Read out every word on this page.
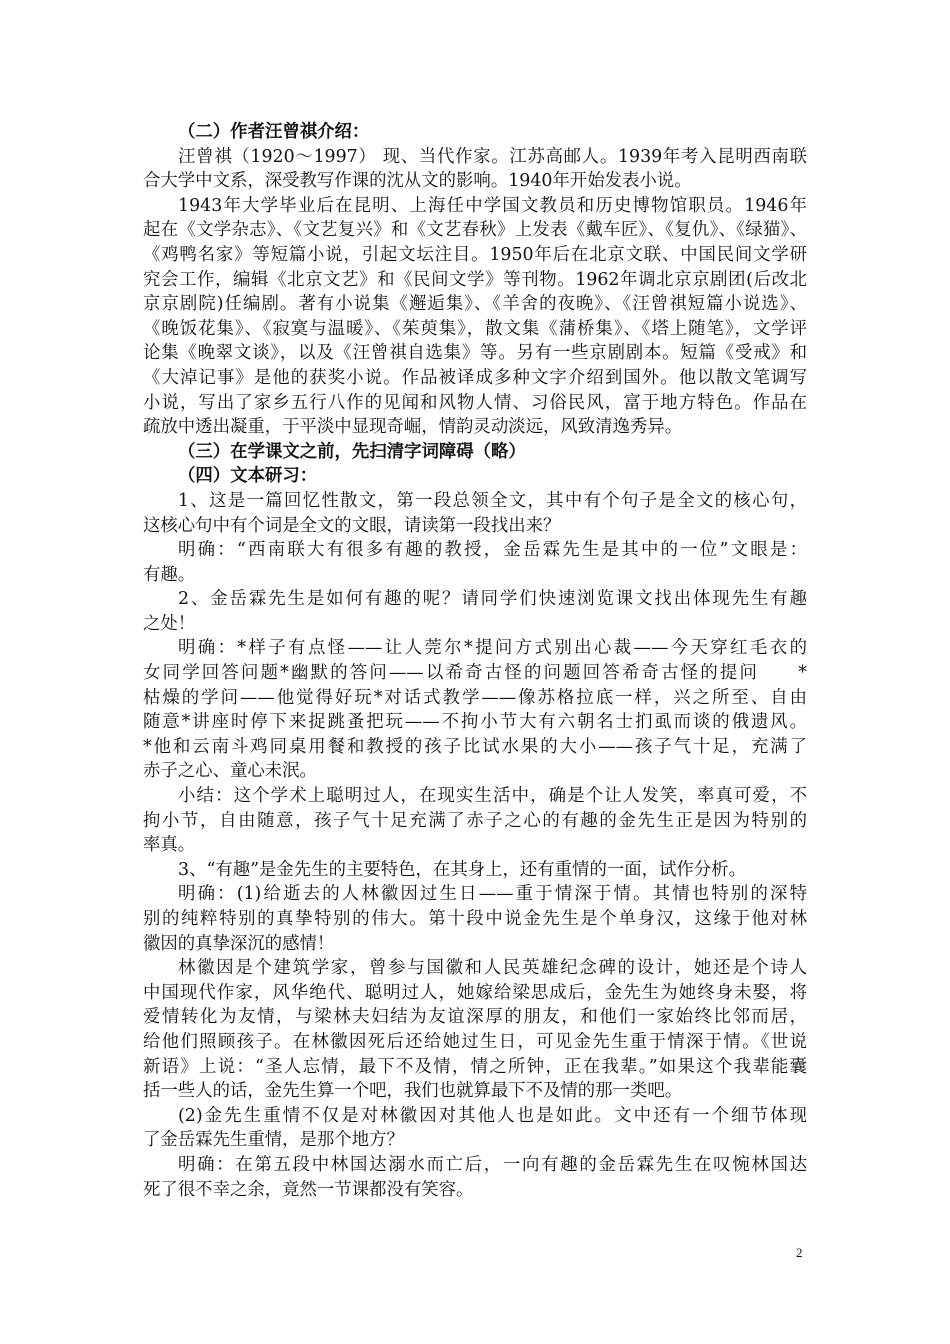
（二）作者汪曾祺介绍：
汪曾祺（1920～1997） 现、当代作家。江苏高邮人。1939年考入昆明西南联
合大学中文系，深受教写作课的沈从文的影响。1940年开始发表小说。
1943年大学毕业后在昆明、上海任中学国文教员和历史博物馆职员。1946年
起在《文学杂志》、《文艺复兴》和《文艺春秋》上发表《戴车匠》、《复仇》、《绿猫》、
《鸡鸭名家》等短篇小说，引起文坛注目。1950年后在北京文联、中国民间文学研
究会工作，编辑《北京文艺》和《民间文学》等刊物。1962年调北京京剧团(后改北
京京剧院)任编剧。著有小说集《邂逅集》、《羊舍的夜晚》、《汪曾祺短篇小说选》、
《晚饭花集》、《寂寞与温暖》、《茱萸集》，散文集《蒲桥集》、《塔上随笔》，文学评
论集《晚翠文谈》，以及《汪曾祺自选集》等。另有一些京剧剧本。短篇《受戒》和
《大淖记事》是他的获奖小说。作品被译成多种文字介绍到国外。他以散文笔调写
小说，写出了家乡五行八作的见闻和风物人情、习俗民风，富于地方特色。作品在
疏放中透出凝重，于平淡中显现奇崛，情韵灵动淡远，风致清逸秀异。
（三）在学课文之前，先扫清字词障碍（略）
（四）文本研习：
1、这是一篇回忆性散文，第一段总领全文，其中有个句子是全文的核心句，
这核心句中有个词是全文的文眼，请读第一段找出来？
明确：“西南联大有很多有趣的教授，金岳霖先生是其中的一位”文眼是：
有趣。
2、金岳霖先生是如何有趣的呢？请同学们快速浏览课文找出体现先生有趣
之处！
明确：*样子有点怪——让人莞尔*提问方式别出心裁——今天穿红毛衣的
女同学回答问题*幽默的答问——以希奇古怪的问题回答希奇古怪的提问　　*
枯燥的学问——他觉得好玩*对话式教学——像苏格拉底一样，兴之所至、自由
随意*讲座时停下来捉跳蚤把玩——不拘小节大有六朝名士扪虱而谈的俄遗风。
*他和云南斗鸡同桌用餐和教授的孩子比试水果的大小——孩子气十足，充满了
赤子之心、童心未泯。
小结：这个学术上聪明过人，在现实生活中，确是个让人发笑，率真可爱，不
拘小节，自由随意，孩子气十足充满了赤子之心的有趣的金先生正是因为特别的
率真。
3、“有趣”是金先生的主要特色，在其身上，还有重情的一面，试作分析。
明确：(1)给逝去的人林徽因过生日——重于情深于情。其情也特别的深特
别的纯粹特别的真挚特别的伟大。第十段中说金先生是个单身汉，这缘于他对林
徽因的真挚深沉的感情！
林徽因是个建筑学家，曾参与国徽和人民英雄纪念碑的设计，她还是个诗人
中国现代作家，风华绝代、聪明过人，她嫁给梁思成后，金先生为她终身未娶，将
爱情转化为友情，与梁林夫妇结为友谊深厚的朋友，和他们一家始终比邻而居，
给他们照顾孩子。在林徽因死后还给她过生日，可见金先生重于情深于情。《世说
新语》上说：“圣人忘情，最下不及情，情之所钟，正在我辈。”如果这个我辈能囊
括一些人的话，金先生算一个吧，我们也就算最下不及情的那一类吧。
(2)金先生重情不仅是对林徽因对其他人也是如此。文中还有一个细节体现
了金岳霖先生重情，是那个地方？
明确：在第五段中林国达溺水而亡后，一向有趣的金岳霖先生在叹惋林国达
死了很不幸之余，竟然一节课都没有笑容。
2
